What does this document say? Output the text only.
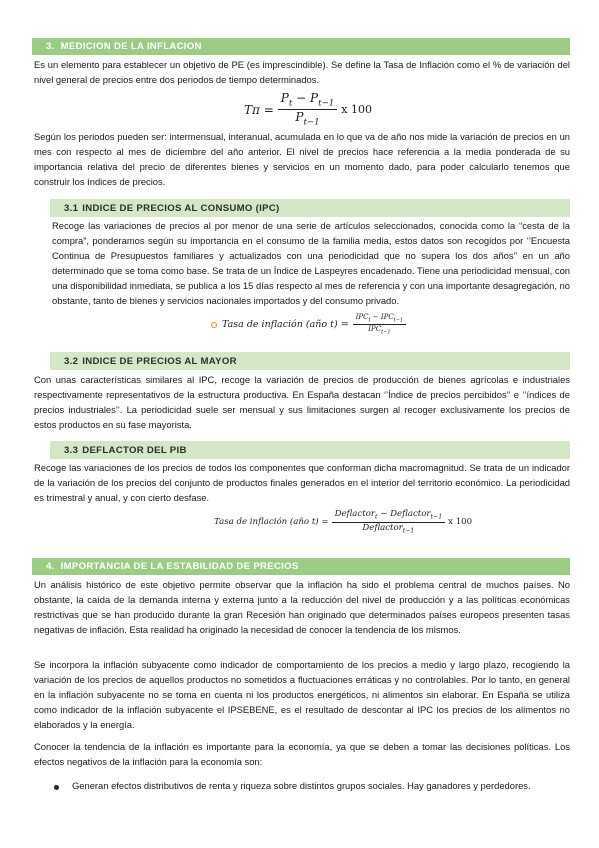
3. MEDICION DE LA INFLACION

Es un elemento para establecer un objetivo de PE (es imprescindible). Se define la Tasa de Inflación como el % de variación del nivel general de precios entre dos periodos de tiempo determinados.

$T\pi = \frac{P_t - P_{t-1}}{P_{t-1}}$ x 100

Según los periodos pueden ser: intermensual, interanual, acumulada en lo que va de año nos mide la variación de precios en un mes con respecto al mes de diciembre del año anterior. El nivel de precios hace referencia a la media ponderada de su importancia relativa del precio de diferentes bienes y servicios en un momento dado, para poder calcularlo tenemos que construir los índices de precios.

3.1 INDICE DE PRECIOS AL CONSUMO (IPC)

Recoge las variaciones de precios al por menor de una serie de artículos seleccionados, conocida como la “cesta de la compra”, ponderamos según su importancia en el consumo de la familia media, estos datos son recogidos por ‘’Encuesta Continua de Presupuestos familiares y actualizados con una periodicidad que no supera los dos años’’ en un año determinado que se toma como base. Se trata de un Índice de Laspeyres encadenado. Tiene una periodicidad mensual, con una disponibilidad inmediata, se publica a los 15 días respecto al mes de referencia y con una importante desagregación, no obstante, tanto de bienes y servicios nacionales importados y del consumo privado.

Tasa de inflación (año $t) = \frac{IPC_t - IPC_{t-1}}{IPC_{t-1}}$
3.2 INDICE DE PRECIOS AL MAYOR

Con unas características similares al IPC, recoge la variación de precios de producción de bienes agrícolas e industriales respectivamente representativos de la estructura productiva. En España destacan ‘’Índice de precios percibidos’’ e ‘’índices de precios industriales’’. La periodicidad suele ser mensual y sus limitaciones surgen al recoger exclusivamente los precios de estos productos en su fase mayorista.

3.3 DEFLACTOR DEL PIB

Recoge las variaciones de los precios de todos los componentes que conforman dicha macromagnitud. Se trata de un indicador de la variación de los precios del conjunto de productos finales generados en el interior del territorio económico. La periodicidad es trimestral y anual, y con cierto desfase.

Tasa de inflación (año $t) = \frac{Deflactor_t - Deflactor_{t-1}}{Deflactor_{t-1}}$ x 100
4. IMPORTANCIA DE LA ESTABILIDAD DE PRECIOS

Un análisis histórico de este objetivo permite observar que la inflación ha sido el problema central de muchos países. No obstante, la caída de la demanda interna y externa junto a la reducción del nivel de producción y a las políticas económicas restrictivas que se han producido durante la gran Recesión han originado que determinados países europeos presenten tasas negativas de inflación. Esta realidad ha originado la necesidad de conocer la tendencia de los mismos.

Se incorpora la inflación subyacente como indicador de comportamiento de los precios a medio y largo plazo, recogiendo la variación de los precios de aquellos productos no sometidos a fluctuaciones erráticas y no controlables. Por lo tanto, en general en la inflación subyacente no se toma en cuenta ni los productos energéticos, ni alimentos sin elaborar. En España se utiliza como indicador de la inflación subyacente el IPSEBENE, es el resultado de descontar al IPC los precios de los alimentos no elaborados y la energía.

Conocer la tendencia de la inflación es importante para la economía, ya que se deben a tomar las decisiones políticas. Los efectos negativos de la inflación para la economía son:

Generan efectos distributivos de renta y riqueza sobre distintos grupos sociales. Hay ganadores y perdedores.
